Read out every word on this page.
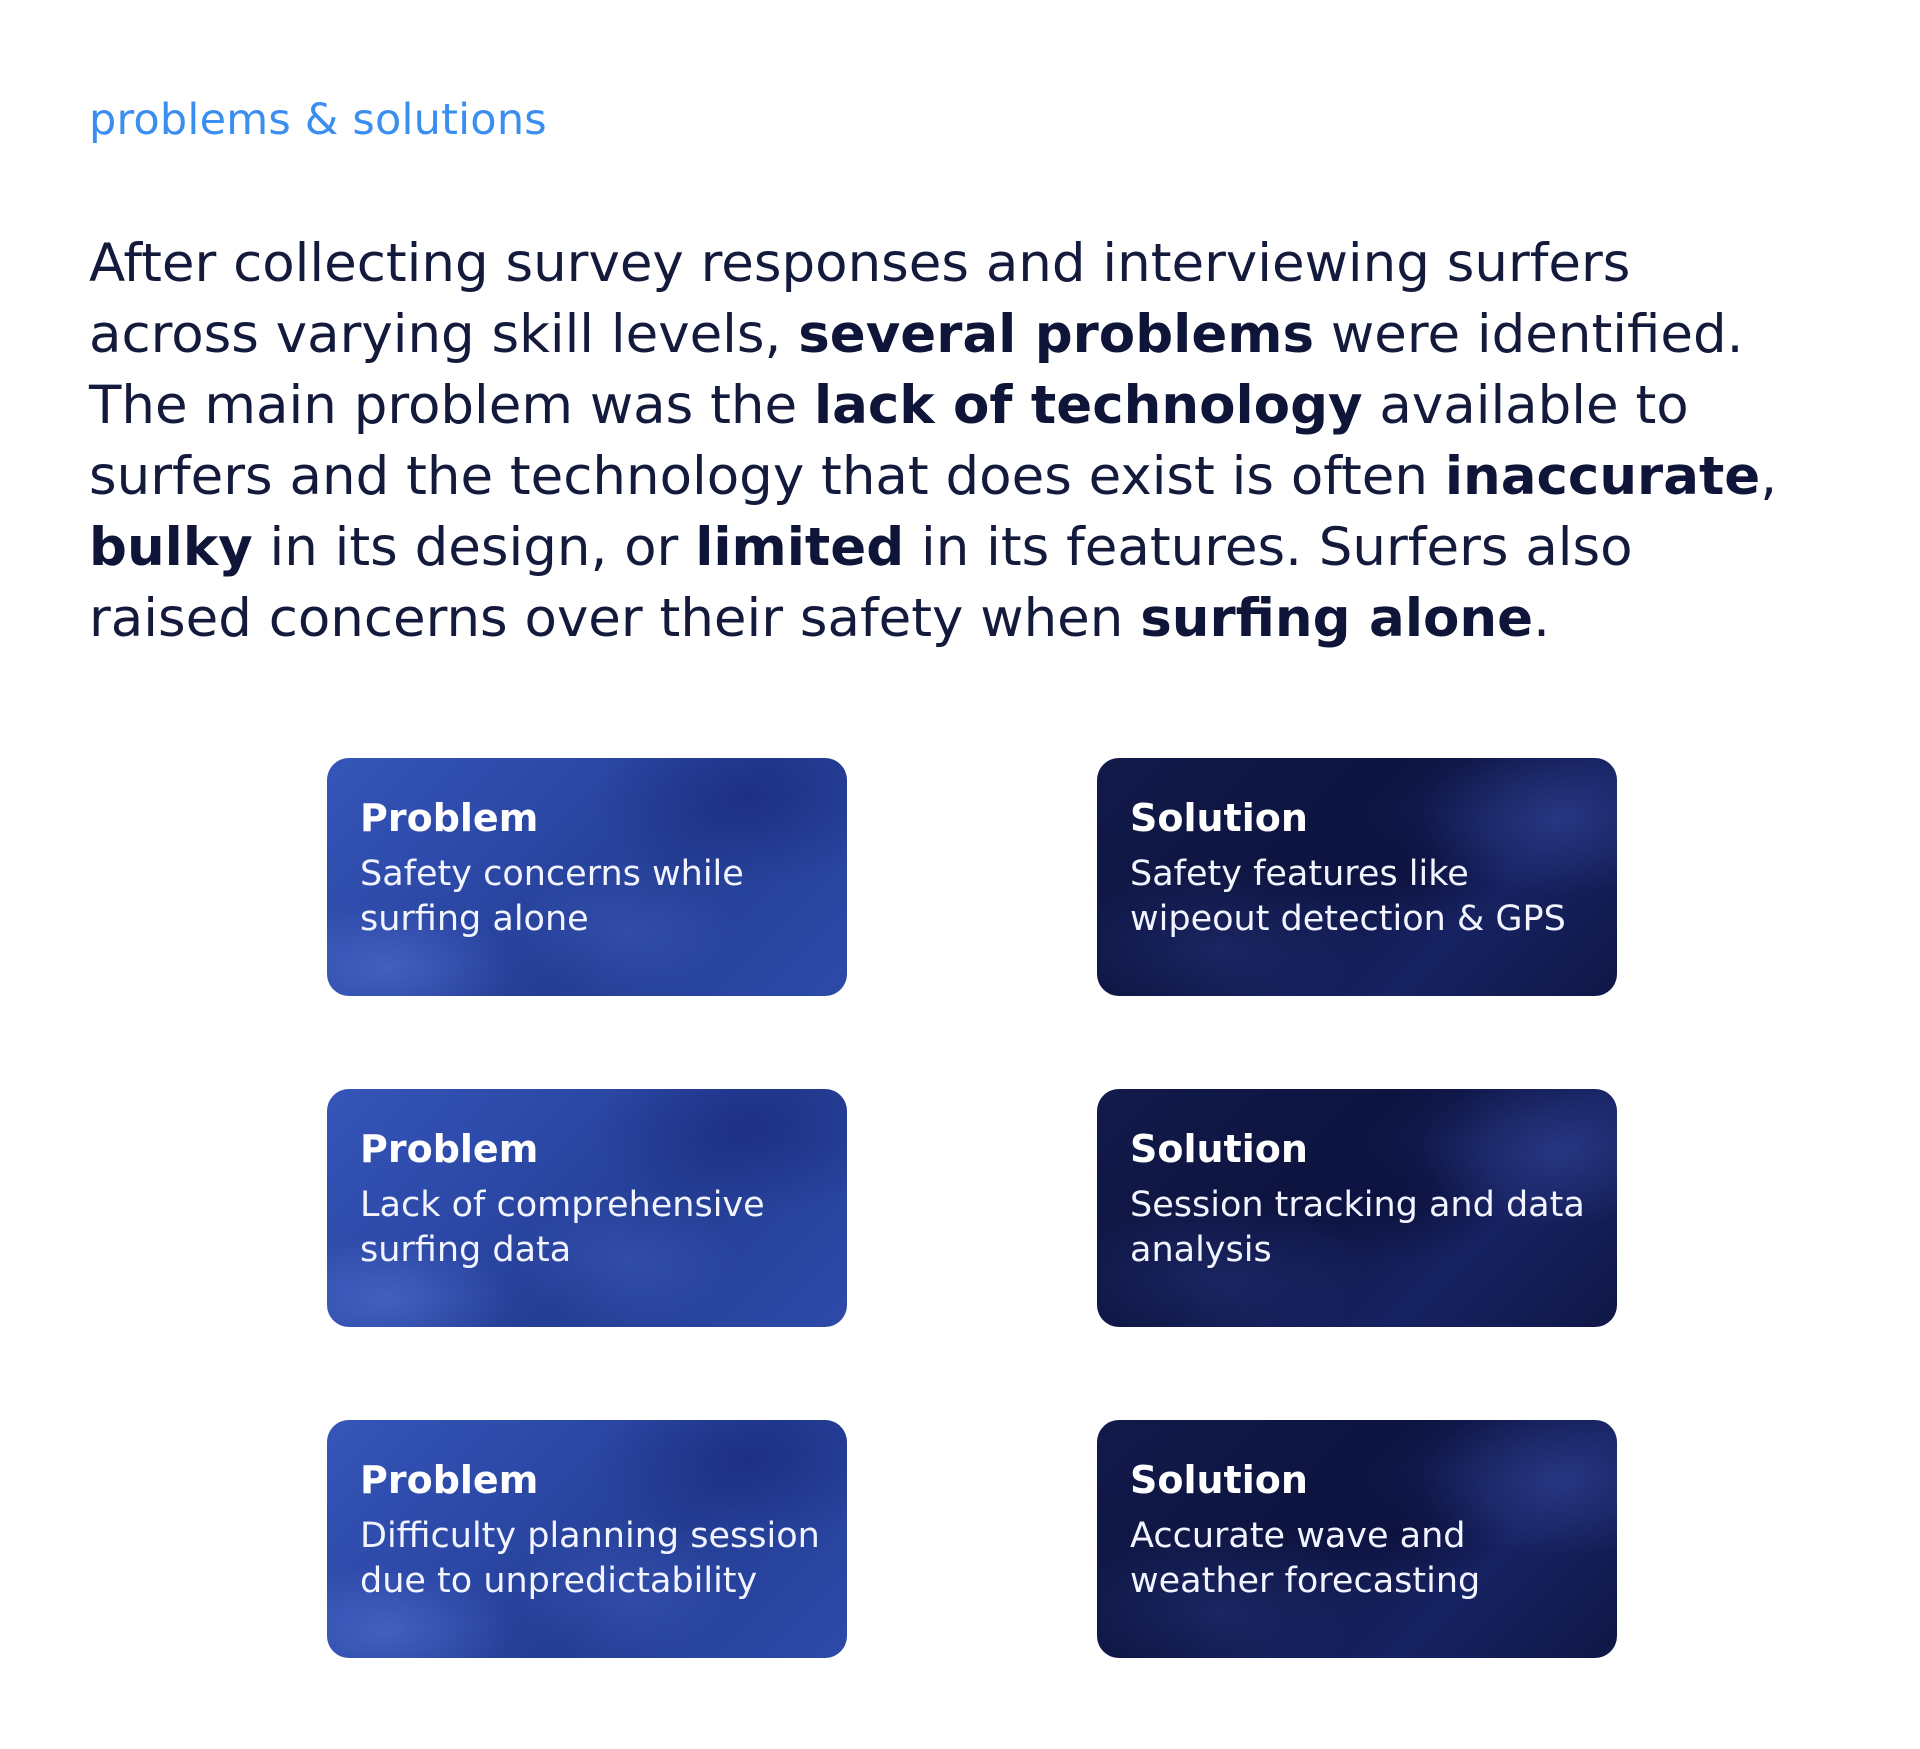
problems & solutions

After collecting survey responses and interviewing surfers
across varying skill levels, several problems were identified.
The main problem was the lack of technology available to
surfers and the technology that does exist is often inaccurate,
bulky in its design, or limited in its features. Surfers also
raised concerns over their safety when surfing alone.

Problem

Safety concerns while
surfing alone

Solution

Safety features like
wipeout detection & GPS

Problem

Lack of comprehensive
surfing data

Solution

Session tracking and data
analysis

Problem

Difficulty planning session
due to unpredictability

Solution

Accurate wave and
weather forecasting
